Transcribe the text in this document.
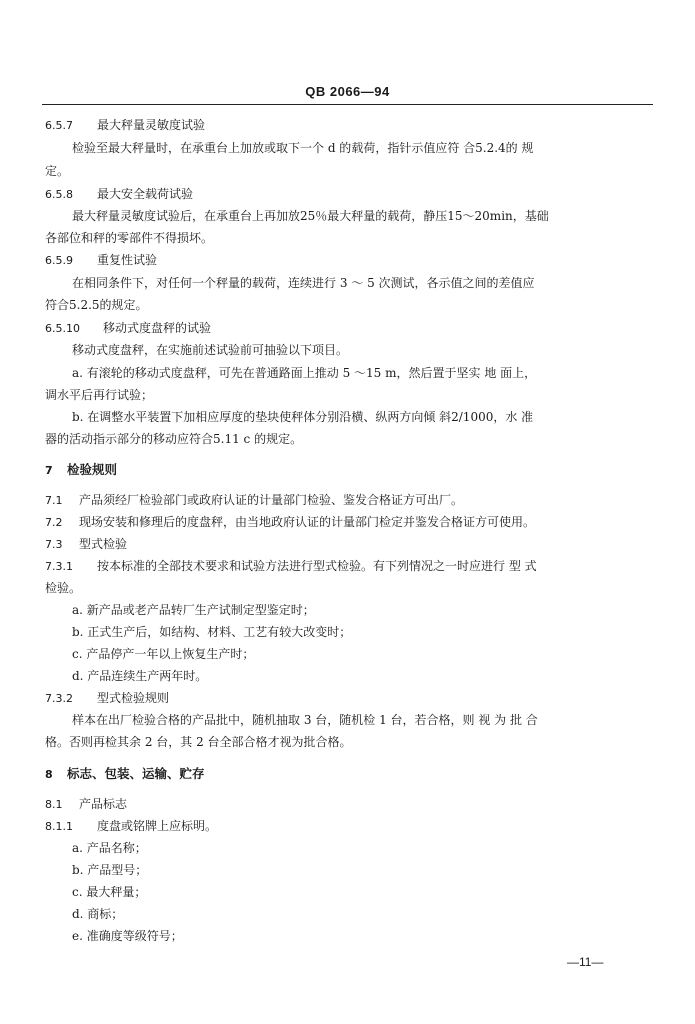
QB 2066—94
6.5.7 最大秤量灵敏度试验
检验至最大秤量时，在承重台上加放或取下一个 d 的载荷，指针示值应符 合5.2.4的 规
定。
6.5.8 最大安全载荷试验
最大秤量灵敏度试验后，在承重台上再加放25％最大秤量的载荷，静压15～20min，基础
各部位和秤的零部件不得损坏。
6.5.9 重复性试验
在相同条件下，对任何一个秤量的载荷，连续进行 3 ～ 5 次测试，各示值之间的差值应
符合5.2.5的规定。
6.5.10 移动式度盘秤的试验
移动式度盘秤，在实施前述试验前可抽验以下项目。
a. 有滚轮的移动式度盘秤，可先在普通路面上推动 5 ～15 m，然后置于坚实 地 面上，
调水平后再行试验；
b. 在调整水平装置下加相应厚度的垫块使秤体分别沿横、纵两方向倾 斜2/1000，水 准
器的活动指示部分的移动应符合5.11 c 的规定。
7 检验规则
7.1 产品须经厂检验部门或政府认证的计量部门检验、鉴发合格证方可出厂。
7.2 现场安装和修理后的度盘秤，由当地政府认证的计量部门检定并鉴发合格证方可使用。
7.3 型式检验
7.3.1 按本标准的全部技术要求和试验方法进行型式检验。有下列情况之一时应进行 型 式
检验。
a. 新产品或老产品转厂生产试制定型鉴定时；
b. 正式生产后，如结构、材料、工艺有较大改变时；
c. 产品停产一年以上恢复生产时；
d. 产品连续生产两年时。
7.3.2 型式检验规则
样本在出厂检验合格的产品批中，随机抽取 3 台，随机检 1 台，若合格，则 视 为 批 合
格。否则再检其余 2 台，其 2 台全部合格才视为批合格。
8 标志、包装、运输、贮存
8.1 产品标志
8.1.1 度盘或铭牌上应标明。
a. 产品名称；
b. 产品型号；
c. 最大秤量；
d. 商标；
e. 准确度等级符号；
—11—
